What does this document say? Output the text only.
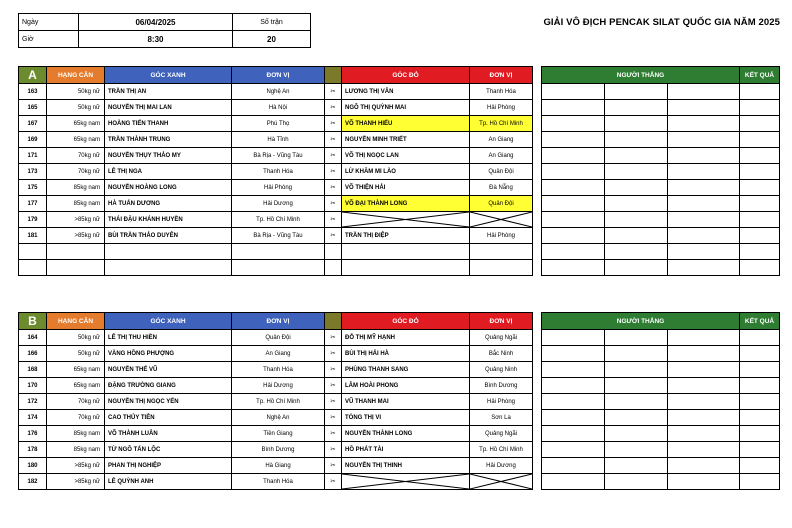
Ngày	06/04/2025	Số trận
Giờ	8:30	20
GIẢI VÔ ĐỊCH PENCAK SILAT QUỐC GIA NĂM 2025
A	HẠNG CÂN	GÓC XANH	ĐƠN VỊ		GÓC ĐỎ	ĐƠN VỊ
163	50kg nữ	TRẦN THỊ AN	Nghệ An	✂	LƯƠNG THỊ VÂN	Thanh Hóa
165	50kg nữ	NGUYỄN THỊ MAI LAN	Hà Nội	✂	NGÔ THỊ QUỲNH MAI	Hải Phòng
167	65kg nam	HOÀNG TIẾN THANH	Phú Thọ	✂	VÕ THANH HIẾU	Tp. Hồ Chí Minh
169	65kg nam	TRẦN THÀNH TRUNG	Hà Tĩnh	✂	NGUYỄN MINH TRIẾT	An Giang
171	70kg nữ	NGUYỄN THỤY THẢO MY	Bà Rịa - Vũng Tàu	✂	VÕ THỊ NGỌC LAN	An Giang
173	70kg nữ	LÊ THỊ NGA	Thanh Hóa	✂	LỪ KHĂM MI LÀO	Quân Đội
175	85kg nam	NGUYỄN HOÀNG LONG	Hải Phòng	✂	VÕ THIỆN HẢI	Đà Nẵng
177	85kg nam	HÀ TUẤN DƯƠNG	Hải Dương	✂	VÕ ĐẠI THÀNH LONG	Quân Đội
179	>85kg nữ	THÁI ĐẶU KHÁNH HUYỀN	Tp. Hồ Chí Minh	✂	

181	>85kg nữ	BÙI TRẦN THẢO DUYÊN	Bà Rịa - Vũng Tàu	✂	TRẦN THỊ ĐIỆP	Hải Phòng

NGƯỜI THẮNG			KẾT QUẢ

B	HẠNG CÂN	GÓC XANH	ĐƠN VỊ		GÓC ĐỎ	ĐƠN VỊ
164	50kg nữ	LÊ THỊ THU HIỀN	Quân Đội	✂	ĐỖ THỊ MỸ HẠNH	Quảng Ngãi
166	50kg nữ	VÀNG HỒNG PHƯỢNG	An Giang	✂	BÙI THỊ HẢI HÀ	Bắc Ninh
168	65kg nam	NGUYỄN THẾ VŨ	Thanh Hóa	✂	PHÙNG THANH SANG	Quảng Ninh
170	65kg nam	ĐẶNG TRƯỜNG GIANG	Hải Dương	✂	LÂM HOÀI PHONG	Bình Dương
172	70kg nữ	NGUYỄN THỊ NGỌC YẾN	Tp. Hồ Chí Minh	✂	VŨ THANH MAI	Hải Phòng
174	70kg nữ	CAO THỦY TIÊN	Nghệ An	✂	TÒNG THỊ VI	Sơn La
176	85kg nam	VÕ THÀNH LUÂN	Tiền Giang	✂	NGUYỄN THÀNH LONG	Quảng Ngãi
178	85kg nam	TỪ NGÔ TẤN LỘC	Bình Dương	✂	HỒ PHÁT TÀI	Tp. Hồ Chí Minh
180	>85kg nữ	PHAN THỊ NGHIỆP	Hà Giang	✂	NGUYỄN THỊ THINH	Hải Dương
182	>85kg nữ	LÊ QUỲNH ANH	Thanh Hóa	✂	

NGƯỜI THẮNG			KẾT QUẢ
